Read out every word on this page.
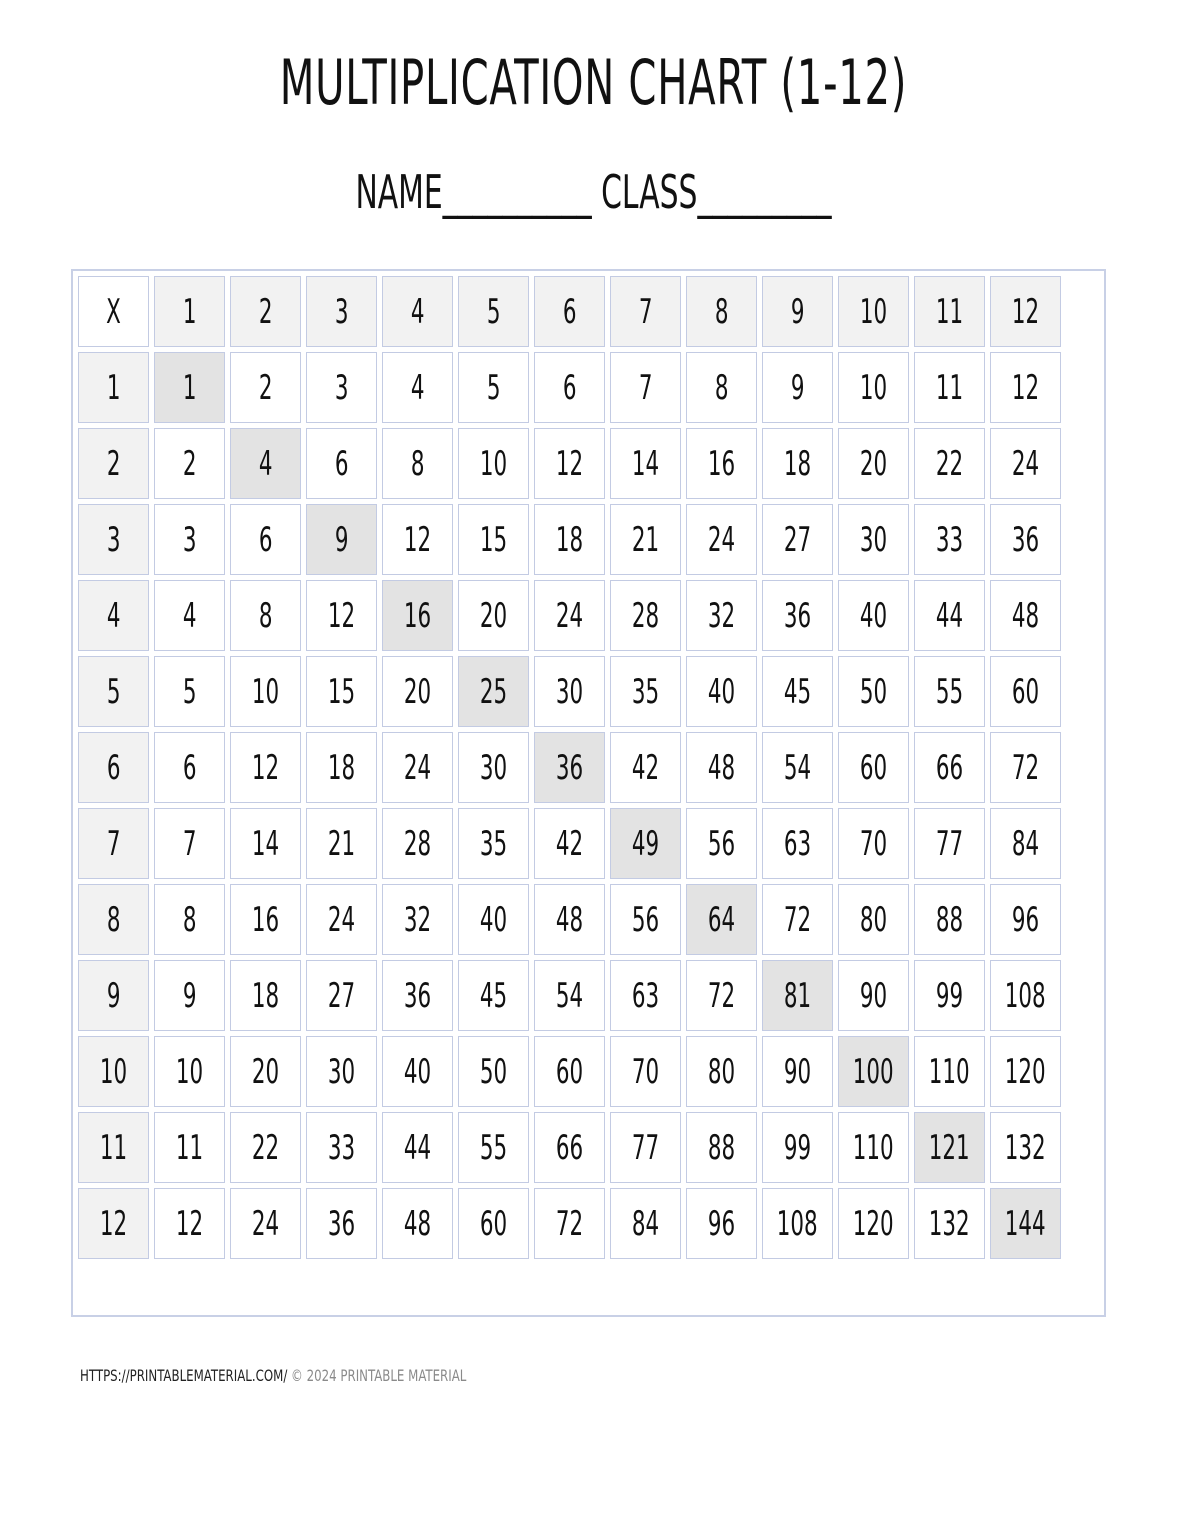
MULTIPLICATION CHART (1-12)
NAME__________ CLASS_________
X	1	2	3	4	5	6	7	8	9	10	11	12
1	1	2	3	4	5	6	7	8	9	10	11	12
2	2	4	6	8	10	12	14	16	18	20	22	24
3	3	6	9	12	15	18	21	24	27	30	33	36
4	4	8	12	16	20	24	28	32	36	40	44	48
5	5	10	15	20	25	30	35	40	45	50	55	60
6	6	12	18	24	30	36	42	48	54	60	66	72
7	7	14	21	28	35	42	49	56	63	70	77	84
8	8	16	24	32	40	48	56	64	72	80	88	96
9	9	18	27	36	45	54	63	72	81	90	99	108
10	10	20	30	40	50	60	70	80	90	100	110	120
11	11	22	33	44	55	66	77	88	99	110	121	132
12	12	24	36	48	60	72	84	96	108	120	132	144
HTTPS://PRINTABLEMATERIAL.COM/ © 2024 PRINTABLE MATERIAL
